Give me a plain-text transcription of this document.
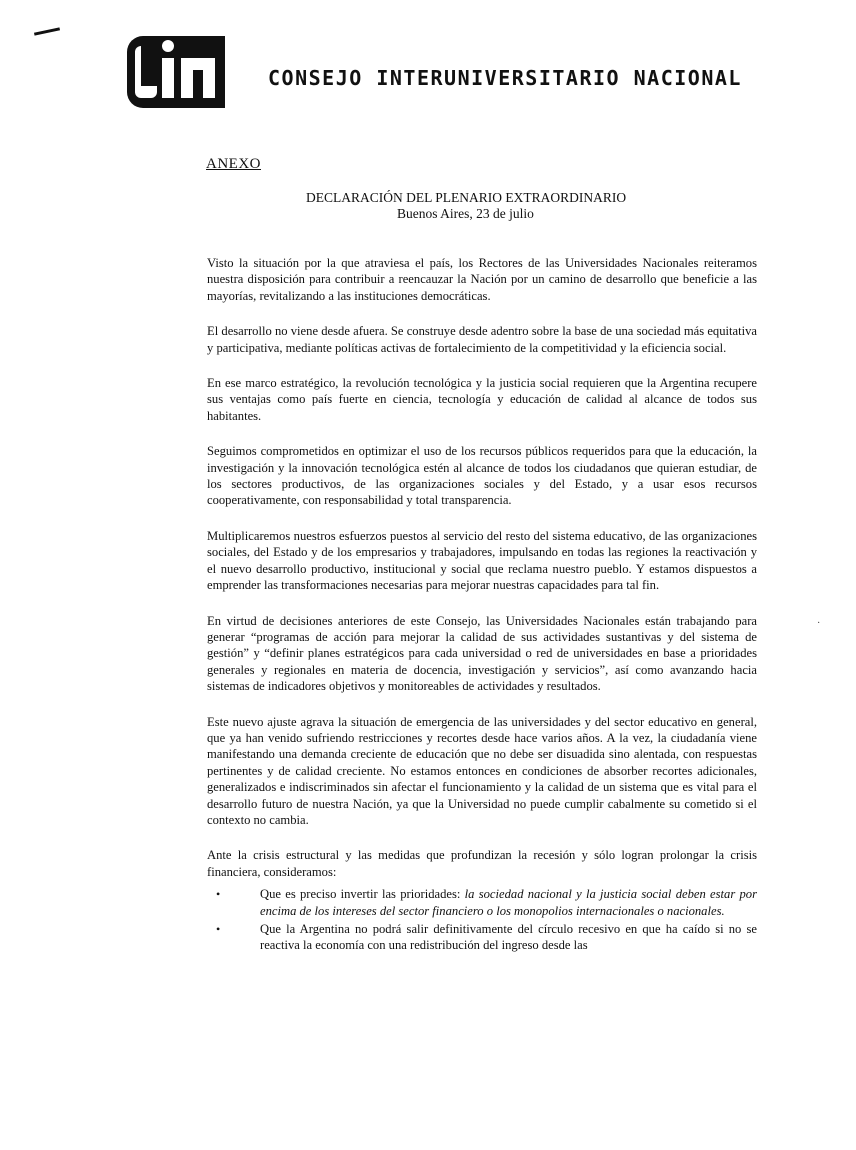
CONSEJO INTERUNIVERSITARIO NACIONAL
ANEXO
DECLARACIÓN DEL PLENARIO EXTRAORDINARIO
Buenos Aires, 23 de julio

Visto la situación por la que atraviesa el país, los Rectores de las Universidades Nacionales reiteramos nuestra disposición para contribuir a reencauzar la Nación por un camino de desarrollo que beneficie a las mayorías, revitalizando a las instituciones democráticas.

El desarrollo no viene desde afuera. Se construye desde adentro sobre la base de una sociedad más equitativa y participativa, mediante políticas activas de fortalecimiento de la competitividad y la eficiencia social.

En ese marco estratégico, la revolución tecnológica y la justicia social requieren que la Argentina recupere sus ventajas como país fuerte en ciencia, tecnología y educación de calidad al alcance de todos sus habitantes.

Seguimos comprometidos en optimizar el uso de los recursos públicos requeridos para que la educación, la investigación y la innovación tecnológica estén al alcance de todos los ciudadanos que quieran estudiar, de los sectores productivos, de las organizaciones sociales y del Estado, y a usar esos recursos cooperativamente, con responsabilidad y total transparencia.

Multiplicaremos nuestros esfuerzos puestos al servicio del resto del sistema educativo, de las organizaciones sociales, del Estado y de los empresarios y trabajadores, impulsando en todas las regiones la reactivación y el nuevo desarrollo productivo, institucional y social que reclama nuestro pueblo. Y estamos dispuestos a emprender las transformaciones necesarias para mejorar nuestras capacidades para tal fin.

En virtud de decisiones anteriores de este Consejo, las Universidades Nacionales están trabajando para generar “programas de acción para mejorar la calidad de sus actividades sustantivas y del sistema de gestión” y “definir planes estratégicos para cada universidad o red de universidades en base a prioridades generales y regionales en materia de docencia, investigación y servicios”, así como avanzando hacia sistemas de indicadores objetivos y monitoreables de actividades y resultados.

Este nuevo ajuste agrava la situación de emergencia de las universidades y del sector educativo en general, que ya han venido sufriendo restricciones y recortes desde hace varios años. A la vez, la ciudadanía viene manifestando una demanda creciente de educación que no debe ser disuadida sino alentada, con respuestas pertinentes y de calidad creciente. No estamos entonces en condiciones de absorber recortes adicionales, generalizados e indiscriminados sin afectar el funcionamiento y la calidad de un sistema que es vital para el desarrollo futuro de nuestra Nación, ya que la Universidad no puede cumplir cabalmente su cometido si el contexto no cambia.

Ante la crisis estructural y las medidas que profundizan la recesión y sólo logran prolongar la crisis financiera, consideramos:

•	Que es preciso invertir las prioridades: la sociedad nacional y la justicia social deben estar por encima de los intereses del sector financiero o los monopolios internacionales o nacionales.
•	Que la Argentina no podrá salir definitivamente del círculo recesivo en que ha caído si no se reactiva la economía con una redistribución del ingreso desde las
·
